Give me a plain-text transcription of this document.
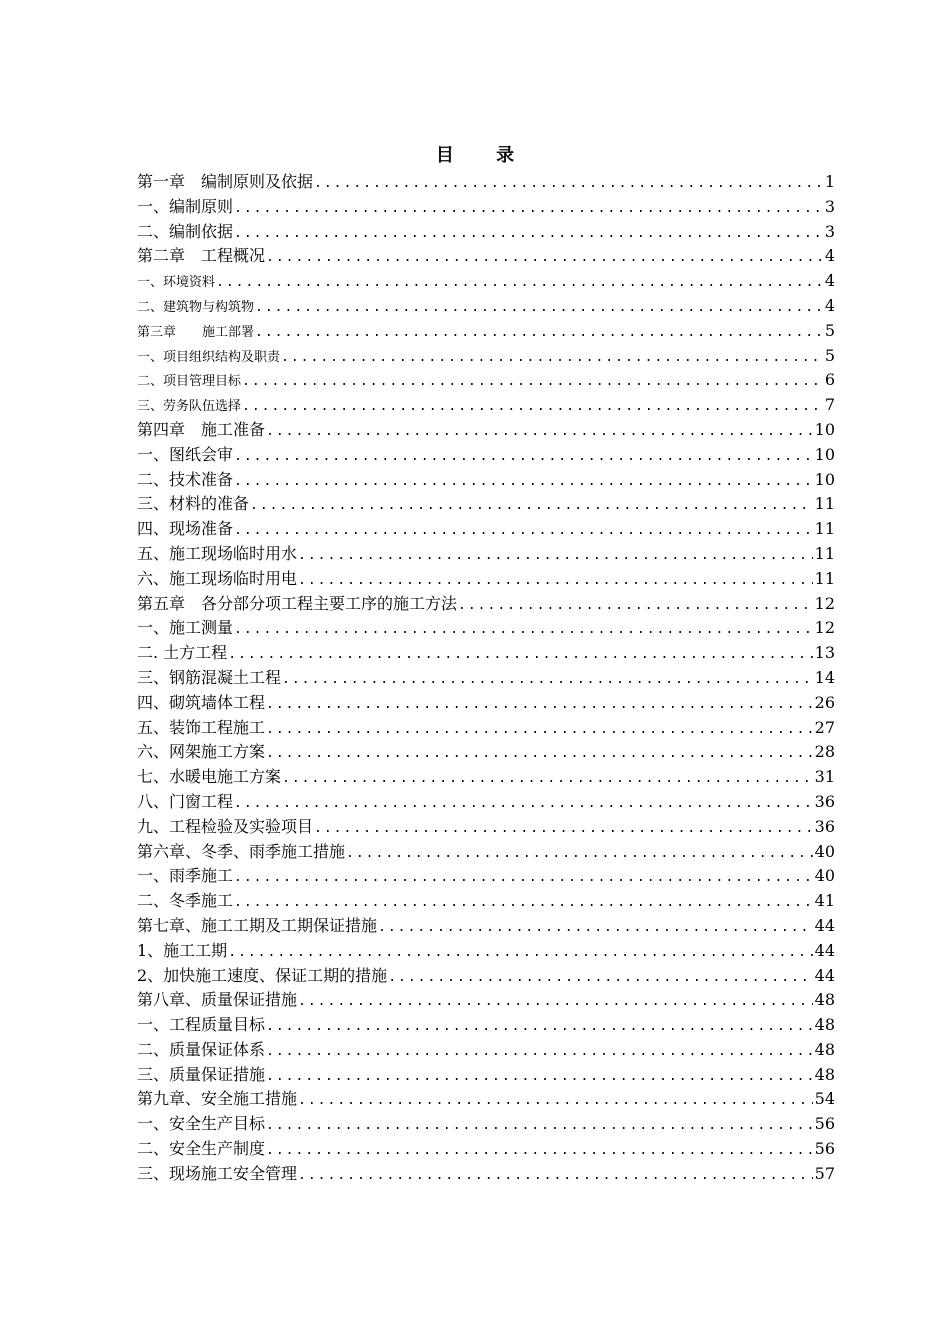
目 录
第一章　编制原则及依据 .....	1
一、编制原则 .....	3
二、编制依据 .....	3
第二章　工程概况 .....	4
一、环境资料 .....	4
二、建筑物与构筑物 .....	4
第三章　　施工部署 .....	5
一、项目组织结构及职责 .....	5
二、项目管理目标 .....	6
三、劳务队伍选择 .....	7
第四章　施工准备 .....	10
一、图纸会审 .....	10
二、技术准备 .....	10
三、材料的准备 .....	11
四、现场准备 .....	11
五、施工现场临时用水 .....	11
六、施工现场临时用电 .....	11
第五章　各分部分项工程主要工序的施工方法 .....	12
一、施工测量 .....	12
二. 土方工程 .....	13
三、钢筋混凝土工程 .....	14
四、砌筑墙体工程 .....	26
五、装饰工程施工 .....	27
六、网架施工方案 .....	28
七、水暖电施工方案 .....	31
八、门窗工程 .....	36
九、工程检验及实验项目 .....	36
第六章、冬季、雨季施工措施 .....	40
一、雨季施工 .....	40
二、冬季施工 .....	41
第七章、施工工期及工期保证措施 .....	44
1、施工工期 .....	44
2、加快施工速度、保证工期的措施 .....	44
第八章、质量保证措施 .....	48
一、工程质量目标 .....	48
二、质量保证体系 .....	48
三、质量保证措施 .....	48
第九章、安全施工措施 .....	54
一、安全生产目标 .....	56
二、安全生产制度 .....	56
三、现场施工安全管理 .....	57
